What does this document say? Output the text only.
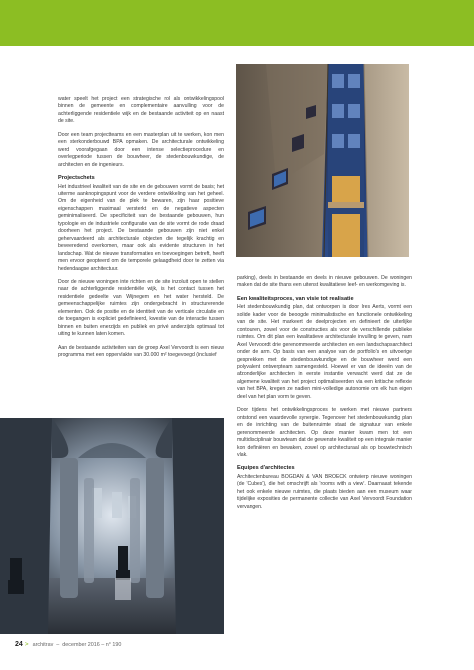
water speelt het project een strategische rol als ontwikkelingspool binnen de gemeente en complementaire aanvulling voor de achterliggende residentiele wijk en de bestaande activiteit op en naast de site.

Door een team projectteams en een masterplan uit te werken, kon men een sterkonderbouwd BPA opmaken. De architecturale ontwikkeling werd voorafgegaan door een intense selectieprocedure en overlegperiode tussen de bouwheer, de stedenbouwkundige, de architecten en de ingenieurs.

Projectschets

Het industrieel kwaliteit van de site en de gebouwen vormt de basis; het uiterme aanknopingspunt voor de verdere ontwikkeling van het geheel. Om de eigenheid van de plek te bewaren, zijn haar positieve eigenschappen maximaal versterkt en de negatieve aspecten geminimaliseerd. De specificiteit van de bestaande gebouwen, hun typologie en de industriele configuratie van de site vormt de rode draad doorheen het project. De bestaande gebouwen zijn niet enkel gehervaardeerd als architecturale objecten die tegelijk krachtig en beveeredend overkomen, maar ook als evidente structuren in het landschap. Wat de nieuwe transformaties en toevoegingen betreft, heeft men ervoor geopteerd om de temporele gelaagdheid door te zetten via hedendaagse architectuur.

Door de nieuwe woningen inte richten en de site inzoluit open te stellen naar de achterliggende residentiële wijk, is het contact tussen het residentiele gedeelte van Wijnegem en het water hersteld. De gemeenschappelijke ruimtes zijn ondergebracht in structurerende elementen. Ook de positie en de identiteit van de verticale circulatie en de toegangen is expliciet gedefinieerd, kwestie van de interactie tussen binnen en buiten enerzijds en publiek en privé anderzijds optimaal tot uiting te kunnen laten komen.

Aan de bestaande activiteiten van de groep Axel Vervoordt is een nieuw programma met een oppervlakte van 30.000 m² toegevoegd (inclusief

parking), deels in bestaande en deels in nieuwe gebouwen. De woningen maken dat de site thans een uitenst kwalitatieve leef- en werkomgeving is.

Een kwaliteitsproces, van visie tot realisatie

Het stedenbouwkundig plan, dat ontworpen is door Ires Aerts, vormt een solide kader voor de beoogde minimalistische en functionele ontwikkeling van de site. Het markeert de deelprojecten en definieert de uiterlijke contouren, zowel voor de constructies als voor de verschillende publieke ruimtes. Om dit plan een kwalitatieve architecturale invulling te geven, nam Axel Vervoordt drie gerenommeerde architecten en een landschapsarchitect onder de arm. Op basis van een analyse van de portfolio's en uitvoerige gesprekken met de stedenbouwkundige en de bouwheer werd een polyvalent ontwerpteam samengesteld. Hoewel er van de ideeën van de afzonderlijke architecten in eerste instantie verwacht werd dat ze de algemene kwaliteit van het project optimaliseerden via een kritische reflexie van het BPA, kregen ze nadien mini-volledige autonomie om elk hun eigen deel van het plan vorm te geven.

Door tijdens het ontwikkelingsproces te werken met nieuwe partners ontstond een waardevolle synergie. Tegenover het stedenbouwkundig plan en de inrichting van de buitenruimte staat de signatuur van enkele gerenommeerde architecten. Op deze manier kwam men tot een multidisciplinair bouwteam dat de gewenste kwaliteit op een integrale manier kon definiëren en bewaken, zowel op architecturaal als op bouwtechnisch vlak.

Equipes d'architectes

Architectenbureau BOGDAN & VAN BROECK ontwierp nieuwe woningen (de 'Cubes'), die het omschrijft als 'rooms with a view'. Daarnaast tekende het ook enkele nieuwe ruimtes, die plaats bieden aan een museum waar tijdelijke exposities de permanente collectie van Axel Vervoordt Foundation vervangen.

24 > architrav – december 2016 – n° 190
